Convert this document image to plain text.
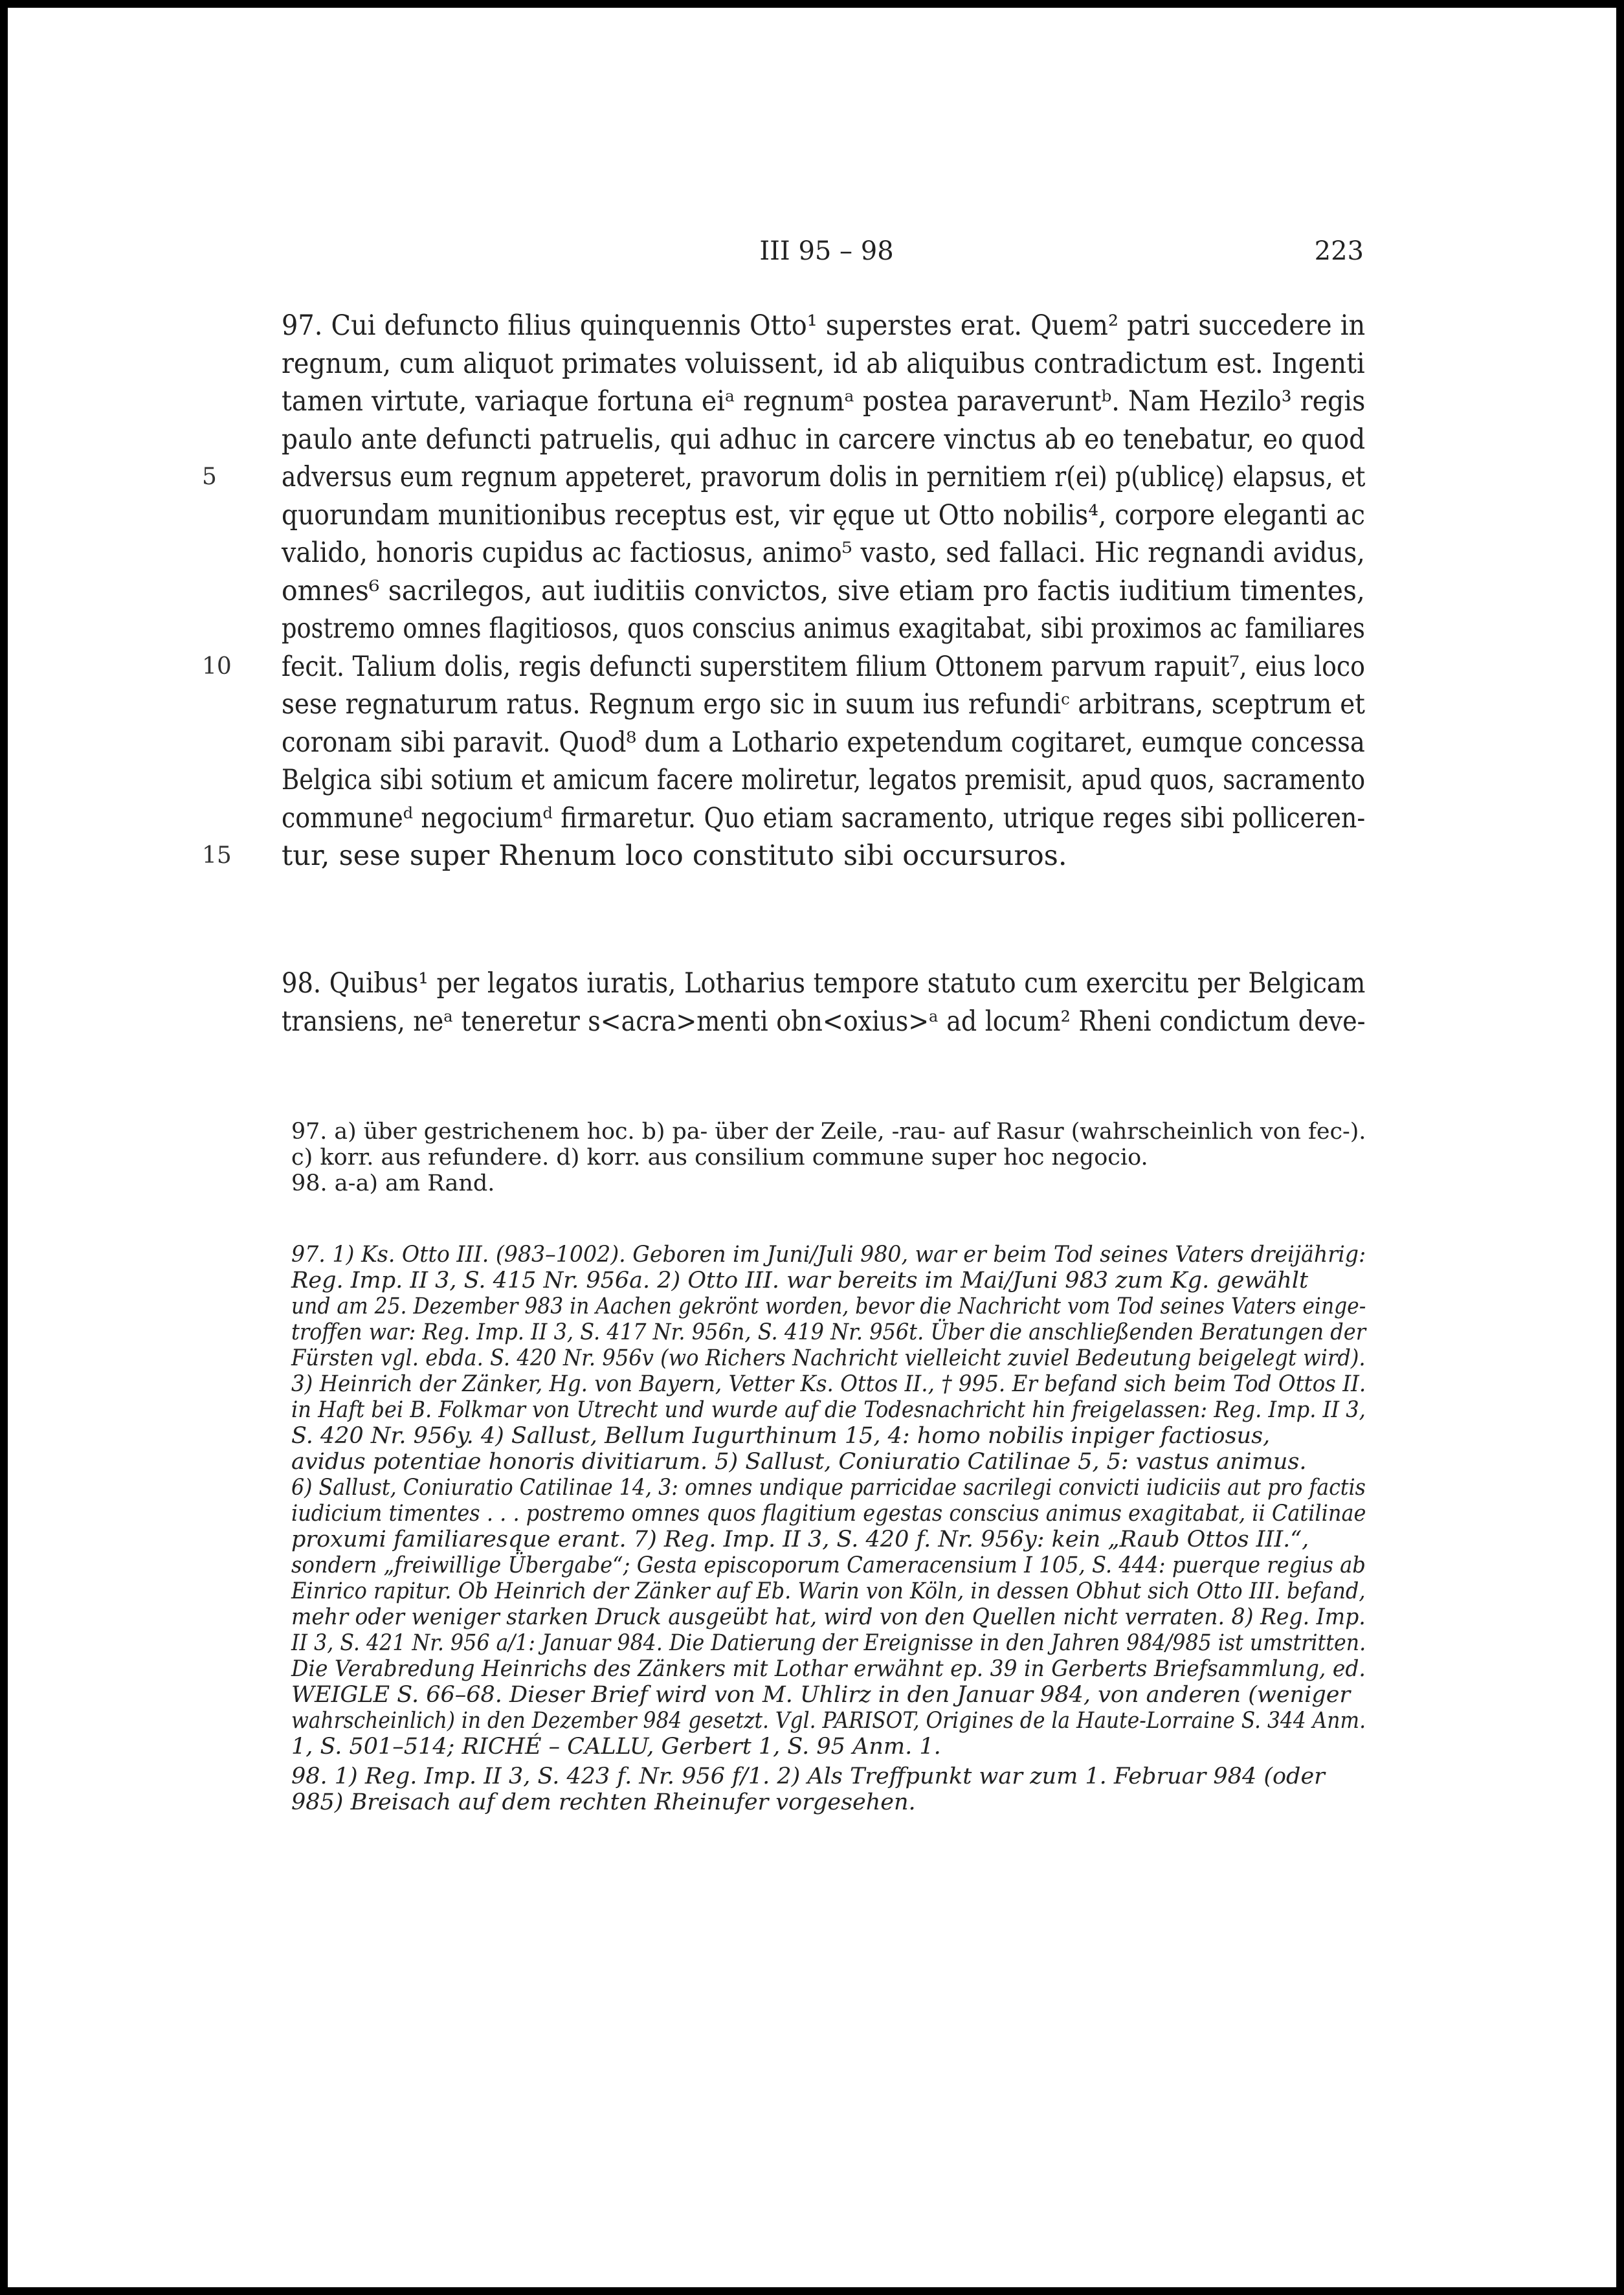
III 95 – 98	223
5
10
15
97. Cui defuncto filius quinquennis Otto¹ superstes erat. Quem² patri succedere in
regnum, cum aliquot primates voluissent, id ab aliquibus contradictum est. Ingenti
tamen virtute, variaque fortuna eiᵃ regnumᵃ postea paraveruntᵇ. Nam Hezilo³ regis
paulo ante defuncti patruelis, qui adhuc in carcere vinctus ab eo tenebatur, eo quod
adversus eum regnum appeteret, pravorum dolis in pernitiem r(ei) p(ublicę) elapsus, et
quorundam munitionibus receptus est, vir ęque ut Otto nobilis⁴, corpore eleganti ac
valido, honoris cupidus ac factiosus, animo⁵ vasto, sed fallaci. Hic regnandi avidus,
omnes⁶ sacrilegos, aut iuditiis convictos, sive etiam pro factis iuditium timentes,
postremo omnes flagitiosos, quos conscius animus exagitabat, sibi proximos ac familiares
fecit. Talium dolis, regis defuncti superstitem filium Ottonem parvum rapuit⁷, eius loco
sese regnaturum ratus. Regnum ergo sic in suum ius refundiᶜ arbitrans, sceptrum et
coronam sibi paravit. Quod⁸ dum a Lothario expetendum cogitaret, eumque concessa
Belgica sibi sotium et amicum facere moliretur, legatos premisit, apud quos, sacramento
communeᵈ negociumᵈ firmaretur. Quo etiam sacramento, utrique reges sibi polliceren-
tur, sese super Rhenum loco constituto sibi occursuros.
98. Quibus¹ per legatos iuratis, Lotharius tempore statuto cum exercitu per Belgicam
transiens, neᵃ teneretur s<acra>menti obn<oxius>ᵃ ad locum² Rheni condictum deve-

97. a) über gestrichenem hoc. b) pa- über der Zeile, -rau- auf Rasur (wahrscheinlich von fec-).

c) korr. aus refundere. d) korr. aus consilium commune super hoc negocio.

98. a-a) am Rand.

97. 1) Ks. Otto III. (983–1002). Geboren im Juni/Juli 980, war er beim Tod seines Vaters dreijährig:

Reg. Imp. II 3, S. 415 Nr. 956a. 2) Otto III. war bereits im Mai/Juni 983 zum Kg. gewählt

und am 25. Dezember 983 in Aachen gekrönt worden, bevor die Nachricht vom Tod seines Vaters einge-

troffen war: Reg. Imp. II 3, S. 417 Nr. 956n, S. 419 Nr. 956t. Über die anschließenden Beratungen der

Fürsten vgl. ebda. S. 420 Nr. 956v (wo Richers Nachricht vielleicht zuviel Bedeutung beigelegt wird).

3) Heinrich der Zänker, Hg. von Bayern, Vetter Ks. Ottos II., † 995. Er befand sich beim Tod Ottos II.

in Haft bei B. Folkmar von Utrecht und wurde auf die Todesnachricht hin freigelassen: Reg. Imp. II 3,

S. 420 Nr. 956y. 4) Sallust, Bellum Iugurthinum 15, 4: homo nobilis inpiger factiosus,

avidus potentiae honoris divitiarum. 5) Sallust, Coniuratio Catilinae 5, 5: vastus animus.

6) Sallust, Coniuratio Catilinae 14, 3: omnes undique parricidae sacrilegi convicti iudiciis aut pro factis

iudicium timentes . . . postremo omnes quos flagitium egestas conscius animus exagitabat, ii Catilinae

proxumi familiaresque erant. 7) Reg. Imp. II 3, S. 420 f. Nr. 956y: kein „Raub Ottos III.“,

sondern „freiwillige Übergabe“; Gesta episcoporum Cameracensium I 105, S. 444: puerque regius ab

Einrico rapitur. Ob Heinrich der Zänker auf Eb. Warin von Köln, in dessen Obhut sich Otto III. befand,

mehr oder weniger starken Druck ausgeübt hat, wird von den Quellen nicht verraten. 8) Reg. Imp.

II 3, S. 421 Nr. 956 a/1: Januar 984. Die Datierung der Ereignisse in den Jahren 984/985 ist umstritten.

Die Verabredung Heinrichs des Zänkers mit Lothar erwähnt ep. 39 in Gerberts Briefsammlung, ed.

WEIGLE S. 66–68. Dieser Brief wird von M. Uhlirz in den Januar 984, von anderen (weniger

wahrscheinlich) in den Dezember 984 gesetzt. Vgl. PARISOT, Origines de la Haute-Lorraine S. 344 Anm.

1, S. 501–514; RICHÉ – CALLU, Gerbert 1, S. 95 Anm. 1.

98. 1) Reg. Imp. II 3, S. 423 f. Nr. 956 f/1. 2) Als Treffpunkt war zum 1. Februar 984 (oder

985) Breisach auf dem rechten Rheinufer vorgesehen.
